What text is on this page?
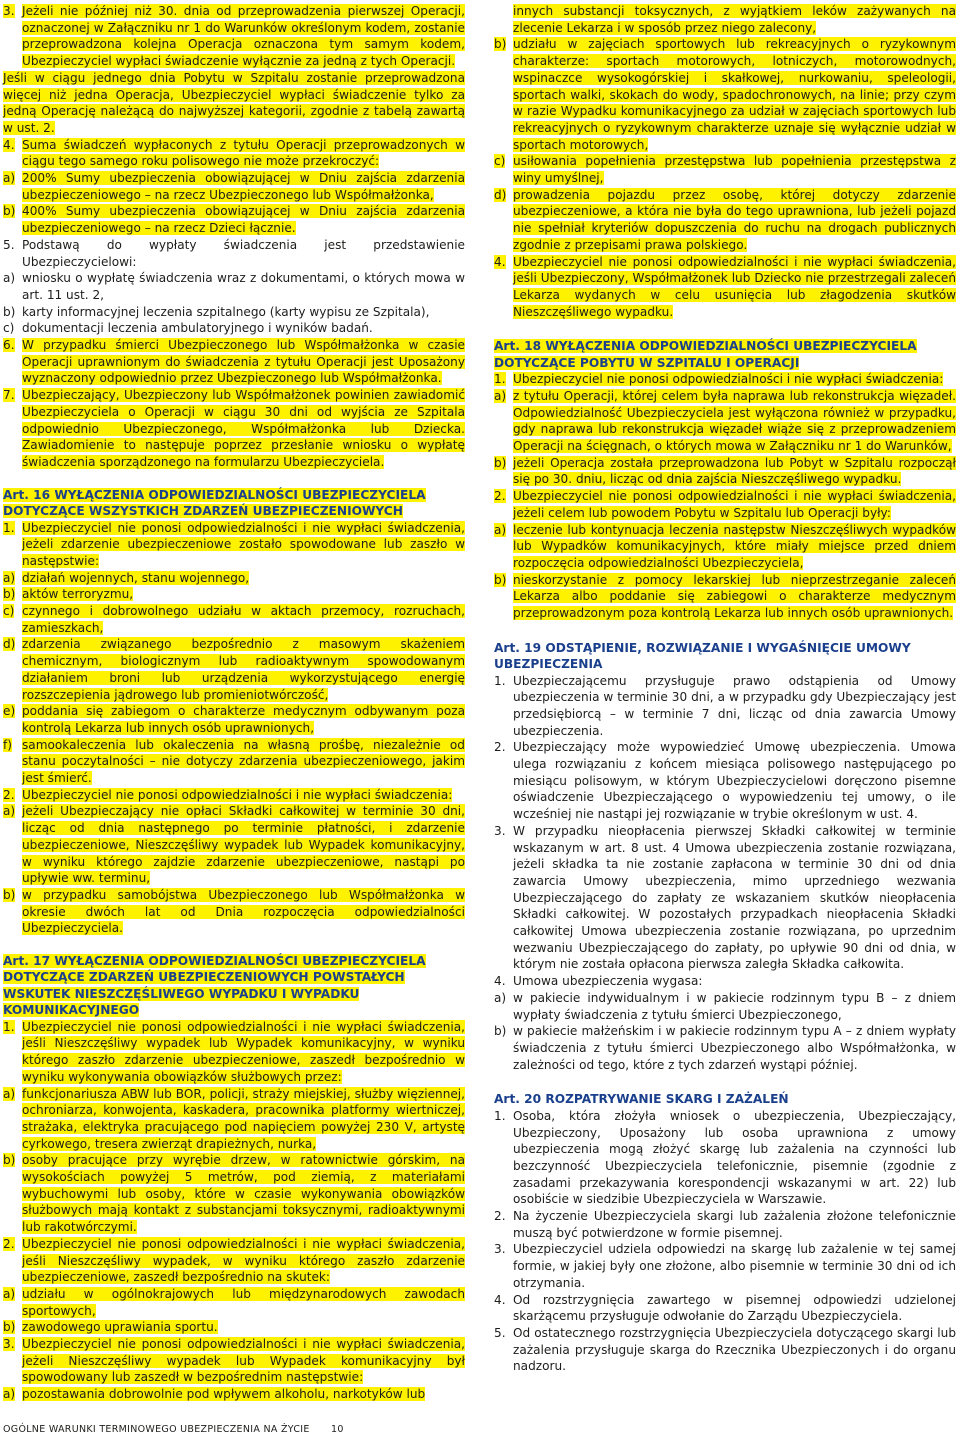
3. Jeżeli nie później niż 30. dnia od przeprowadzenia pierwszej Operacji, oznaczonej w Załączniku nr 1 do Warunków określonym kodem, zostanie przeprowadzona kolejna Operacja oznaczona tym samym kodem, Ubezpieczyciel wypłaci świadczenie wyłącznie za jedną z tych Operacji.
Jeśli w ciągu jednego dnia Pobytu w Szpitalu zostanie przeprowadzona więcej niż jedna Operacja, Ubezpieczyciel wypłaci świadczenie tylko za jedną Operację należącą do najwyższej kategorii, zgodnie z tabelą zawartą w ust. 2.
4. Suma świadczeń wypłaconych z tytułu Operacji przeprowadzonych w ciągu tego samego roku polisowego nie może przekroczyć:
a) 200% Sumy ubezpieczenia obowiązującej w Dniu zajścia zdarzenia ubezpieczeniowego – na rzecz Ubezpieczonego lub Współmałżonka,
b) 400% Sumy ubezpieczenia obowiązującej w Dniu zajścia zdarzenia ubezpieczeniowego – na rzecz Dzieci łącznie.
5. Podstawą do wypłaty świadczenia jest przedstawienie Ubezpieczycielowi:
a) wniosku o wypłatę świadczenia wraz z dokumentami, o których mowa w art. 11 ust. 2,
b) karty informacyjnej leczenia szpitalnego (karty wypisu ze Szpitala),
c) dokumentacji leczenia ambulatoryjnego i wyników badań.
6. W przypadku śmierci Ubezpieczonego lub Współmałżonka w czasie Operacji uprawnionym do świadczenia z tytułu Operacji jest Uposażony wyznaczony odpowiednio przez Ubezpieczonego lub Współmałżonka.
7. Ubezpieczający, Ubezpieczony lub Współmałżonek powinien zawiadomić Ubezpieczyciela o Operacji w ciągu 30 dni od wyjścia ze Szpitala odpowiednio Ubezpieczonego, Współmałżonka lub Dziecka. Zawiadomienie to następuje poprzez przesłanie wniosku o wypłatę świadczenia sporządzonego na formularzu Ubezpieczyciela.
Art. 16 WYŁĄCZENIA ODPOWIEDZIALNOŚCI UBEZPIECZYCIELA DOTYCZĄCE WSZYSTKICH ZDARZEŃ UBEZPIECZENIOWYCH
1. Ubezpieczyciel nie ponosi odpowiedzialności i nie wypłaci świadczenia, jeżeli zdarzenie ubezpieczeniowe zostało spowodowane lub zaszło w następstwie:
a) działań wojennych, stanu wojennego,
b) aktów terroryzmu,
c) czynnego i dobrowolnego udziału w aktach przemocy, rozruchach, zamieszkach,
d) zdarzenia związanego bezpośrednio z masowym skażeniem chemicznym, biologicznym lub radioaktywnym spowodowanym działaniem broni lub urządzenia wykorzystującego energię rozszczepienia jądrowego lub promieniotwórczość,
e) poddania się zabiegom o charakterze medycznym odbywanym poza kontrolą Lekarza lub innych osób uprawnionych,
f) samookaleczenia lub okaleczenia na własną prośbę, niezależnie od stanu poczytalności – nie dotyczy zdarzenia ubezpieczeniowego, jakim jest śmierć.
2. Ubezpieczyciel nie ponosi odpowiedzialności i nie wypłaci świadczenia:
a) jeżeli Ubezpieczający nie opłaci Składki całkowitej w terminie 30 dni, licząc od dnia następnego po terminie płatności, i zdarzenie ubezpieczeniowe, Nieszczęśliwy wypadek lub Wypadek komunikacyjny, w wyniku którego zajdzie zdarzenie ubezpieczeniowe, nastąpi po upływie ww. terminu,
b) w przypadku samobójstwa Ubezpieczonego lub Współmałżonka w okresie dwóch lat od Dnia rozpoczęcia odpowiedzialności Ubezpieczyciela.
Art. 17 WYŁĄCZENIA ODPOWIEDZIALNOŚCI UBEZPIECZYCIELA DOTYCZĄCE ZDARZEŃ UBEZPIECZENIOWYCH POWSTAŁYCH WSKUTEK NIESZCZĘŚLIWEGO WYPADKU I WYPADKU KOMUNIKACYJNEGO
1. Ubezpieczyciel nie ponosi odpowiedzialności i nie wypłaci świadczenia, jeśli Nieszczęśliwy wypadek lub Wypadek komunikacyjny, w wyniku którego zaszło zdarzenie ubezpieczeniowe, zaszedł bezpośrednio w wyniku wykonywania obowiązków służbowych przez:
a) funkcjonariusza ABW lub BOR, policji, straży miejskiej, służby więziennej, ochroniarza, konwojenta, kaskadera, pracownika platformy wiertniczej, strażaka, elektryka pracującego pod napięciem powyżej 230 V, artystę cyrkowego, tresera zwierząt drapieżnych, nurka,
b) osoby pracujące przy wyrębie drzew, w ratownictwie górskim, na wysokościach powyżej 5 metrów, pod ziemią, z materiałami wybuchowymi lub osoby, które w czasie wykonywania obowiązków służbowych mają kontakt z substancjami toksycznymi, radioaktywnymi lub rakotwórczymi.
2. Ubezpieczyciel nie ponosi odpowiedzialności i nie wypłaci świadczenia, jeśli Nieszczęśliwy wypadek, w wyniku którego zaszło zdarzenie ubezpieczeniowe, zaszedł bezpośrednio na skutek:
a) udziału w ogólnokrajowych lub międzynarodowych zawodach sportowych,
b) zawodowego uprawiania sportu.
3. Ubezpieczyciel nie ponosi odpowiedzialności i nie wypłaci świadczenia, jeżeli Nieszczęśliwy wypadek lub Wypadek komunikacyjny był spowodowany lub zaszedł w bezpośrednim następstwie:
a) pozostawania dobrowolnie pod wpływem alkoholu, narkotyków lub
innych substancji toksycznych, z wyjątkiem leków zażywanych na zlecenie Lekarza i w sposób przez niego zalecony,
b) udziału w zajęciach sportowych lub rekreacyjnych o ryzykownym charakterze: sportach motorowych, lotniczych, motorowodnych, wspinaczce wysokogórskiej i skałkowej, nurkowaniu, speleologii, sportach walki, skokach do wody, spadochronowych, na linie; przy czym w razie Wypadku komunikacyjnego za udział w zajęciach sportowych lub rekreacyjnych o ryzykownym charakterze uznaje się wyłącznie udział w sportach motorowych,
c) usiłowania popełnienia przestępstwa lub popełnienia przestępstwa z winy umyślnej,
d) prowadzenia pojazdu przez osobę, której dotyczy zdarzenie ubezpieczeniowe, a która nie była do tego uprawniona, lub jeżeli pojazd nie spełniał kryteriów dopuszczenia do ruchu na drogach publicznych zgodnie z przepisami prawa polskiego.
4. Ubezpieczyciel nie ponosi odpowiedzialności i nie wypłaci świadczenia, jeśli Ubezpieczony, Współmałżonek lub Dziecko nie przestrzegali zaleceń Lekarza wydanych w celu usunięcia lub złagodzenia skutków Nieszczęśliwego wypadku.
Art. 18 WYŁĄCZENIA ODPOWIEDZIALNOŚCI UBEZPIECZYCIELA DOTYCZĄCE POBYTU W SZPITALU I OPERACJI
1. Ubezpieczyciel nie ponosi odpowiedzialności i nie wypłaci świadczenia:
a) z tytułu Operacji, której celem była naprawa lub rekonstrukcja więzadeł. Odpowiedzialność Ubezpieczyciela jest wyłączona również w przypadku, gdy naprawa lub rekonstrukcja więzadeł wiąże się z przeprowadzeniem Operacji na ścięgnach, o których mowa w Załączniku nr 1 do Warunków,
b) jeżeli Operacja została przeprowadzona lub Pobyt w Szpitalu rozpoczął się po 30. dniu, licząc od dnia zajścia Nieszczęśliwego wypadku.
2. Ubezpieczyciel nie ponosi odpowiedzialności i nie wypłaci świadczenia, jeżeli celem lub powodem Pobytu w Szpitalu lub Operacji były:
a) leczenie lub kontynuacja leczenia następstw Nieszczęśliwych wypadków lub Wypadków komunikacyjnych, które miały miejsce przed dniem rozpoczęcia odpowiedzialności Ubezpieczyciela,
b) nieskorzystanie z pomocy lekarskiej lub nieprzestrzeganie zaleceń Lekarza albo poddanie się zabiegowi o charakterze medycznym przeprowadzonym poza kontrolą Lekarza lub innych osób uprawnionych.
Art. 19 ODSTĄPIENIE, ROZWIĄZANIE I WYGAŚNIĘCIE UMOWY UBEZPIECZENIA
1. Ubezpieczającemu przysługuje prawo odstąpienia od Umowy ubezpieczenia w terminie 30 dni, a w przypadku gdy Ubezpieczający jest przedsiębiorcą – w terminie 7 dni, licząc od dnia zawarcia Umowy ubezpieczenia.
2. Ubezpieczający może wypowiedzieć Umowę ubezpieczenia. Umowa ulega rozwiązaniu z końcem miesiąca polisowego następującego po miesiącu polisowym, w którym Ubezpieczycielowi doręczono pisemne oświadczenie Ubezpieczającego o wypowiedzeniu tej umowy, o ile wcześniej nie nastąpi jej rozwiązanie w trybie określonym w ust. 4.
3. W przypadku nieopłacenia pierwszej Składki całkowitej w terminie wskazanym w art. 8 ust. 4 Umowa ubezpieczenia zostanie rozwiązana, jeżeli składka ta nie zostanie zapłacona w terminie 30 dni od dnia zawarcia Umowy ubezpieczenia, mimo uprzedniego wezwania Ubezpieczającego do zapłaty ze wskazaniem skutków nieopłacenia Składki całkowitej. W pozostałych przypadkach nieopłacenia Składki całkowitej Umowa ubezpieczenia zostanie rozwiązana, po uprzednim wezwaniu Ubezpieczającego do zapłaty, po upływie 90 dni od dnia, w którym nie została opłacona pierwsza zaległa Składka całkowita.
4. Umowa ubezpieczenia wygasa:
a) w pakiecie indywidualnym i w pakiecie rodzinnym typu B – z dniem wypłaty świadczenia z tytułu śmierci Ubezpieczonego,
b) w pakiecie małżeńskim i w pakiecie rodzinnym typu A – z dniem wypłaty świadczenia z tytułu śmierci Ubezpieczonego albo Współmałżonka, w zależności od tego, które z tych zdarzeń wystąpi później.
Art. 20 ROZPATRYWANIE SKARG I ZAŻALEŃ
1. Osoba, która złożyła wniosek o ubezpieczenia, Ubezpieczający, Ubezpieczony, Uposażony lub osoba uprawniona z umowy ubezpieczenia mogą złożyć skargę lub zażalenia na czynności lub bezczynność Ubezpieczyciela telefonicznie, pisemnie (zgodnie z zasadami przekazywania korespondencji wskazanymi w art. 22) lub osobiście w siedzibie Ubezpieczyciela w Warszawie.
2. Na życzenie Ubezpieczycielа skargi lub zażalenia złożone telefonicznie muszą być potwierdzone w formie pisemnej.
3. Ubezpieczyciel udziela odpowiedzi na skargę lub zażalenie w tej samej formie, w jakiej były one złożone, albo pisemnie w terminie 30 dni od ich otrzymania.
4. Od rozstrzygnięcia zawartego w pisemnej odpowiedzi udzielonej skarżącemu przysługuje odwołanie do Zarządu Ubezpieczyciela.
5. Od ostatecznego rozstrzygnięcia Ubezpieczyciela dotyczącego skargi lub zażalenia przysługuje skarga do Rzecznika Ubezpieczonych i do organu nadzoru.
OGÓLNE WARUNKI TERMINOWEGO UBEZPIECZENIA NA ŻYCIE 10
